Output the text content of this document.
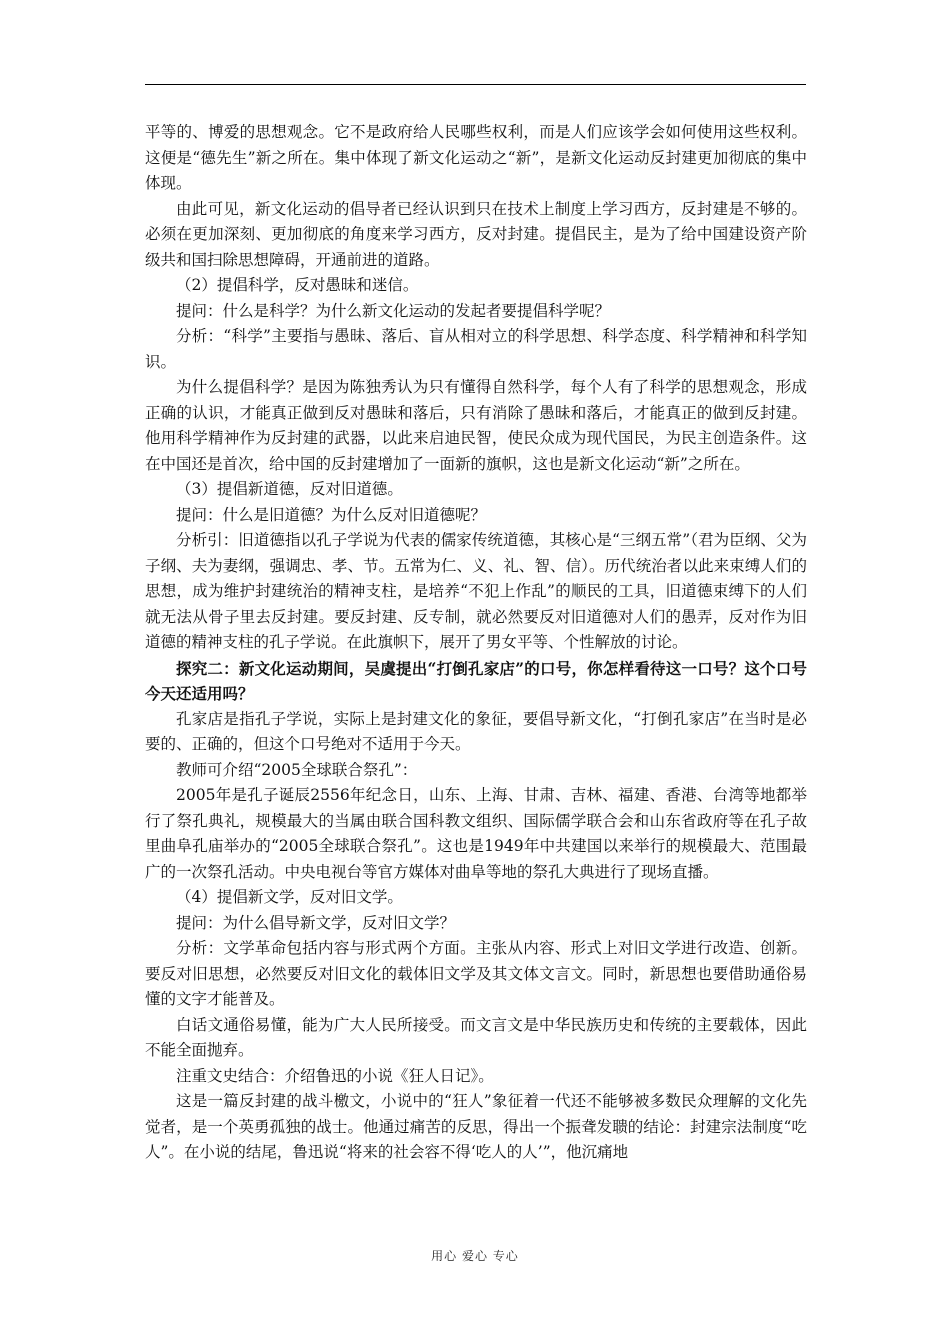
平等的、博爱的思想观念。它不是政府给人民哪些权利，而是人们应该学会如何使用这些权利。这便是“德先生”新之所在。集中体现了新文化运动之“新”，是新文化运动反封建更加彻底的集中体现。

由此可见，新文化运动的倡导者已经认识到只在技术上制度上学习西方，反封建是不够的。必须在更加深刻、更加彻底的角度来学习西方，反对封建。提倡民主，是为了给中国建设资产阶级共和国扫除思想障碍，开通前进的道路。

（2）提倡科学，反对愚昧和迷信。

提问：什么是科学？为什么新文化运动的发起者要提倡科学呢？

分析：“科学”主要指与愚昧、落后、盲从相对立的科学思想、科学态度、科学精神和科学知识。

为什么提倡科学？是因为陈独秀认为只有懂得自然科学，每个人有了科学的思想观念，形成正确的认识，才能真正做到反对愚昧和落后，只有消除了愚昧和落后，才能真正的做到反封建。他用科学精神作为反封建的武器，以此来启迪民智，使民众成为现代国民，为民主创造条件。这在中国还是首次，给中国的反封建增加了一面新的旗帜，这也是新文化运动“新”之所在。

（3）提倡新道德，反对旧道德。

提问：什么是旧道德？为什么反对旧道德呢？

分析引：旧道德指以孔子学说为代表的儒家传统道德，其核心是“三纲五常”（君为臣纲、父为子纲、夫为妻纲，强调忠、孝、节。五常为仁、义、礼、智、信）。历代统治者以此来束缚人们的思想，成为维护封建统治的精神支柱，是培养“不犯上作乱”的顺民的工具，旧道德束缚下的人们就无法从骨子里去反封建。要反封建、反专制，就必然要反对旧道德对人们的愚弄，反对作为旧道德的精神支柱的孔子学说。在此旗帜下，展开了男女平等、个性解放的讨论。

探究二：新文化运动期间，吴虞提出“打倒孔家店”的口号，你怎样看待这一口号？这个口号今天还适用吗？

孔家店是指孔子学说，实际上是封建文化的象征，要倡导新文化，“打倒孔家店”在当时是必要的、正确的，但这个口号绝对不适用于今天。

教师可介绍“2005全球联合祭孔”：

2005年是孔子诞辰2556年纪念日，山东、上海、甘肃、吉林、福建、香港、台湾等地都举行了祭孔典礼，规模最大的当属由联合国科教文组织、国际儒学联合会和山东省政府等在孔子故里曲阜孔庙举办的“2005全球联合祭孔”。这也是1949年中共建国以来举行的规模最大、范围最广的一次祭孔活动。中央电视台等官方媒体对曲阜等地的祭孔大典进行了现场直播。

（4）提倡新文学，反对旧文学。

提问：为什么倡导新文学，反对旧文学？

分析：文学革命包括内容与形式两个方面。主张从内容、形式上对旧文学进行改造、创新。要反对旧思想，必然要反对旧文化的载体旧文学及其文体文言文。同时，新思想也要借助通俗易懂的文字才能普及。

白话文通俗易懂，能为广大人民所接受。而文言文是中华民族历史和传统的主要载体，因此不能全面抛弃。

注重文史结合：介绍鲁迅的小说《狂人日记》。

这是一篇反封建的战斗檄文，小说中的“狂人”象征着一代还不能够被多数民众理解的文化先觉者，是一个英勇孤独的战士。他通过痛苦的反思，得出一个振聋发聩的结论：封建宗法制度“吃人”。在小说的结尾，鲁迅说“将来的社会容不得‘吃人的人’”，他沉痛地

用心 爱心 专心
